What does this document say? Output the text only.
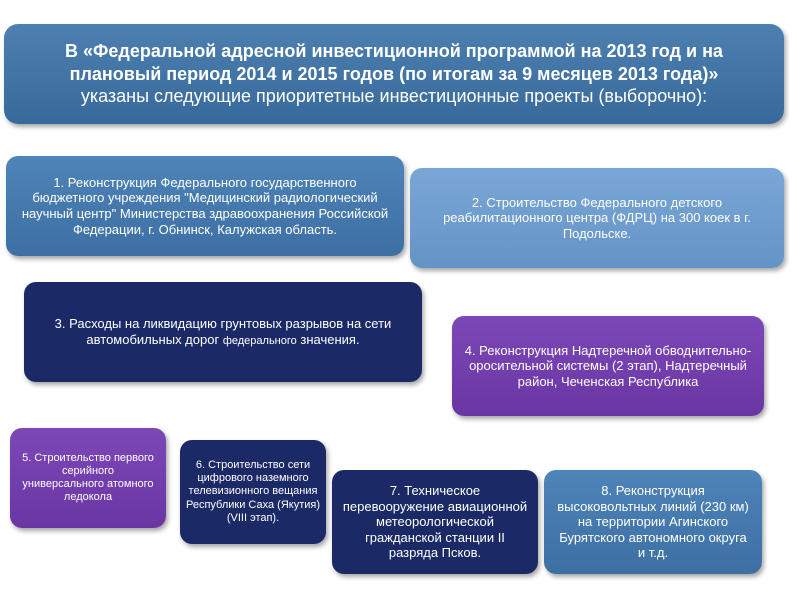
В «Федеральной адресной инвестиционной программой на 2013 год и на плановый период 2014 и 2015 годов (по итогам за 9 месяцев 2013 года)»
указаны следующие приоритетные инвестиционные проекты (выборочно):
1. Реконструкция Федерального государственного бюджетного учреждения "Медицинский радиологический научный центр" Министерства здравоохранения Российской Федерации, г. Обнинск, Калужская область.
2. Строительство Федерального детского реабилитационного центра (ФДРЦ) на 300 коек в г. Подольске.
3. Расходы на ликвидацию грунтовых разрывов на сети автомобильных дорог федерального значения.
4. Реконструкция Надтеречной обводнительно-оросительной системы (2 этап), Надтеречный район, Чеченская Республика
5. Строительство первого серийного универсального атомного ледокола
6. Строительство сети цифрового наземного телевизионного вещания Республики Саха (Якутия) (VIII этап).
7. Техническое перевооружение авиационной метеорологической гражданской станции II разряда Псков.
8. Реконструкция высоковольтных линий (230 км) на территории Агинского Бурятского автономного округа и т.д.
